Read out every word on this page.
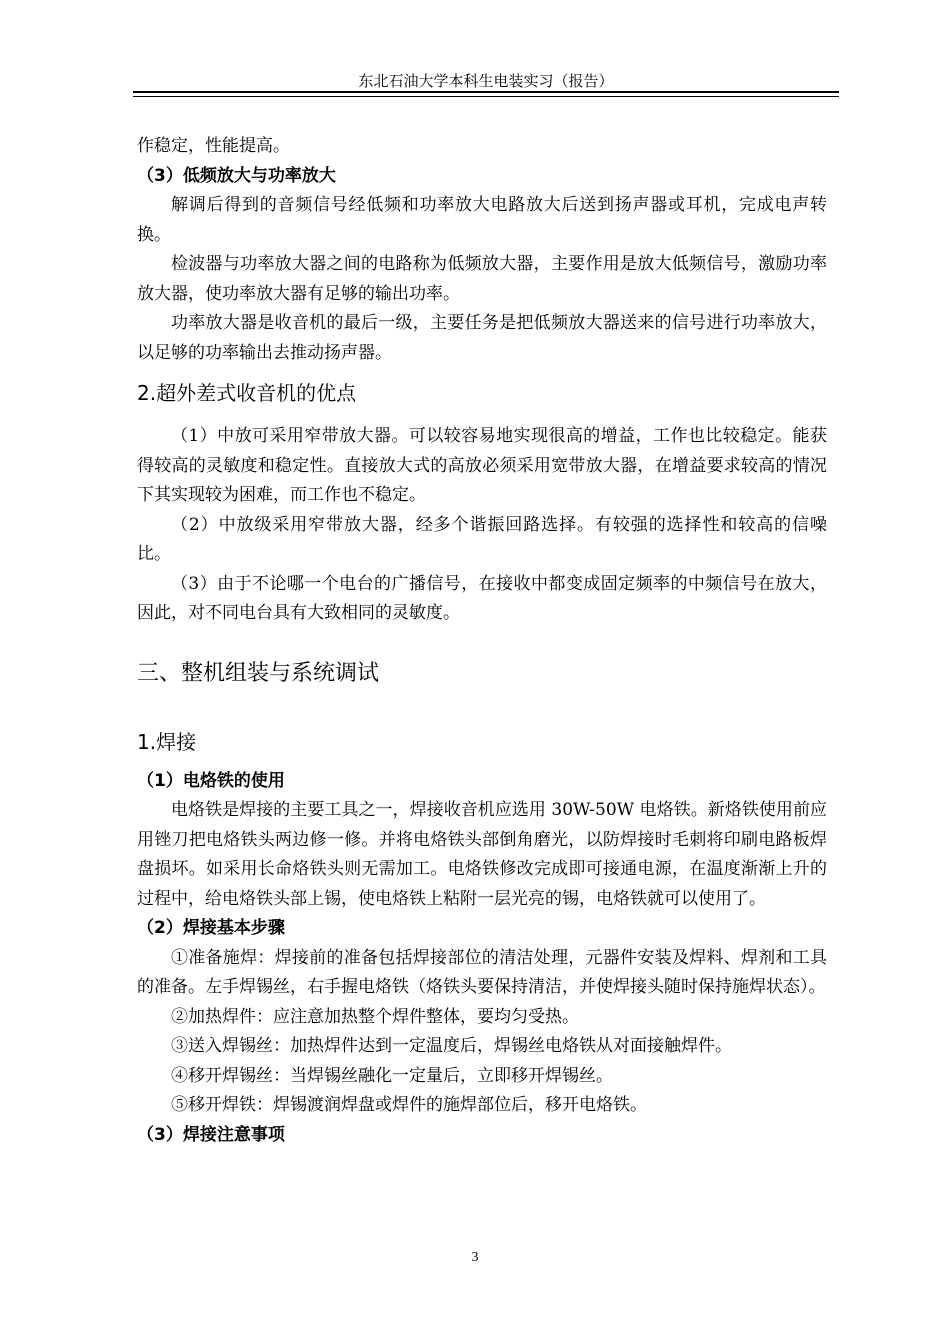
东北石油大学本科生电装实习（报告）

作稳定，性能提高。

（3）低频放大与功率放大

解调后得到的音频信号经低频和功率放大电路放大后送到扬声器或耳机，完成电声转换。

检波器与功率放大器之间的电路称为低频放大器，主要作用是放大低频信号，激励功率放大器，使功率放大器有足够的输出功率。

功率放大器是收音机的最后一级，主要任务是把低频放大器送来的信号进行功率放大，以足够的功率输出去推动扬声器。

2.超外差式收音机的优点

（1）中放可采用窄带放大器。可以较容易地实现很高的增益，工作也比较稳定。能获得较高的灵敏度和稳定性。直接放大式的高放必须采用宽带放大器，在增益要求较高的情况下其实现较为困难，而工作也不稳定。

（2）中放级采用窄带放大器，经多个谐振回路选择。有较强的选择性和较高的信噪比。

（3）由于不论哪一个电台的广播信号，在接收中都变成固定频率的中频信号在放大，因此，对不同电台具有大致相同的灵敏度。

三、整机组装与系统调试
1.焊接

（1）电烙铁的使用

电烙铁是焊接的主要工具之一，焊接收音机应选用 30W-50W 电烙铁。新烙铁使用前应用锉刀把电烙铁头两边修一修。并将电烙铁头部倒角磨光，以防焊接时毛刺将印刷电路板焊盘损坏。如采用长命烙铁头则无需加工。电烙铁修改完成即可接通电源，在温度渐渐上升的过程中，给电烙铁头部上锡，使电烙铁上粘附一层光亮的锡，电烙铁就可以使用了。

（2）焊接基本步骤

①准备施焊：焊接前的准备包括焊接部位的清洁处理，元器件安装及焊料、焊剂和工具的准备。左手焊锡丝，右手握电烙铁（烙铁头要保持清洁，并使焊接头随时保持施焊状态）。

②加热焊件：应注意加热整个焊件整体，要均匀受热。

③送入焊锡丝：加热焊件达到一定温度后，焊锡丝电烙铁从对面接触焊件。

④移开焊锡丝：当焊锡丝融化一定量后，立即移开焊锡丝。

⑤移开焊铁：焊锡渡润焊盘或焊件的施焊部位后，移开电烙铁。

（3）焊接注意事项

3
